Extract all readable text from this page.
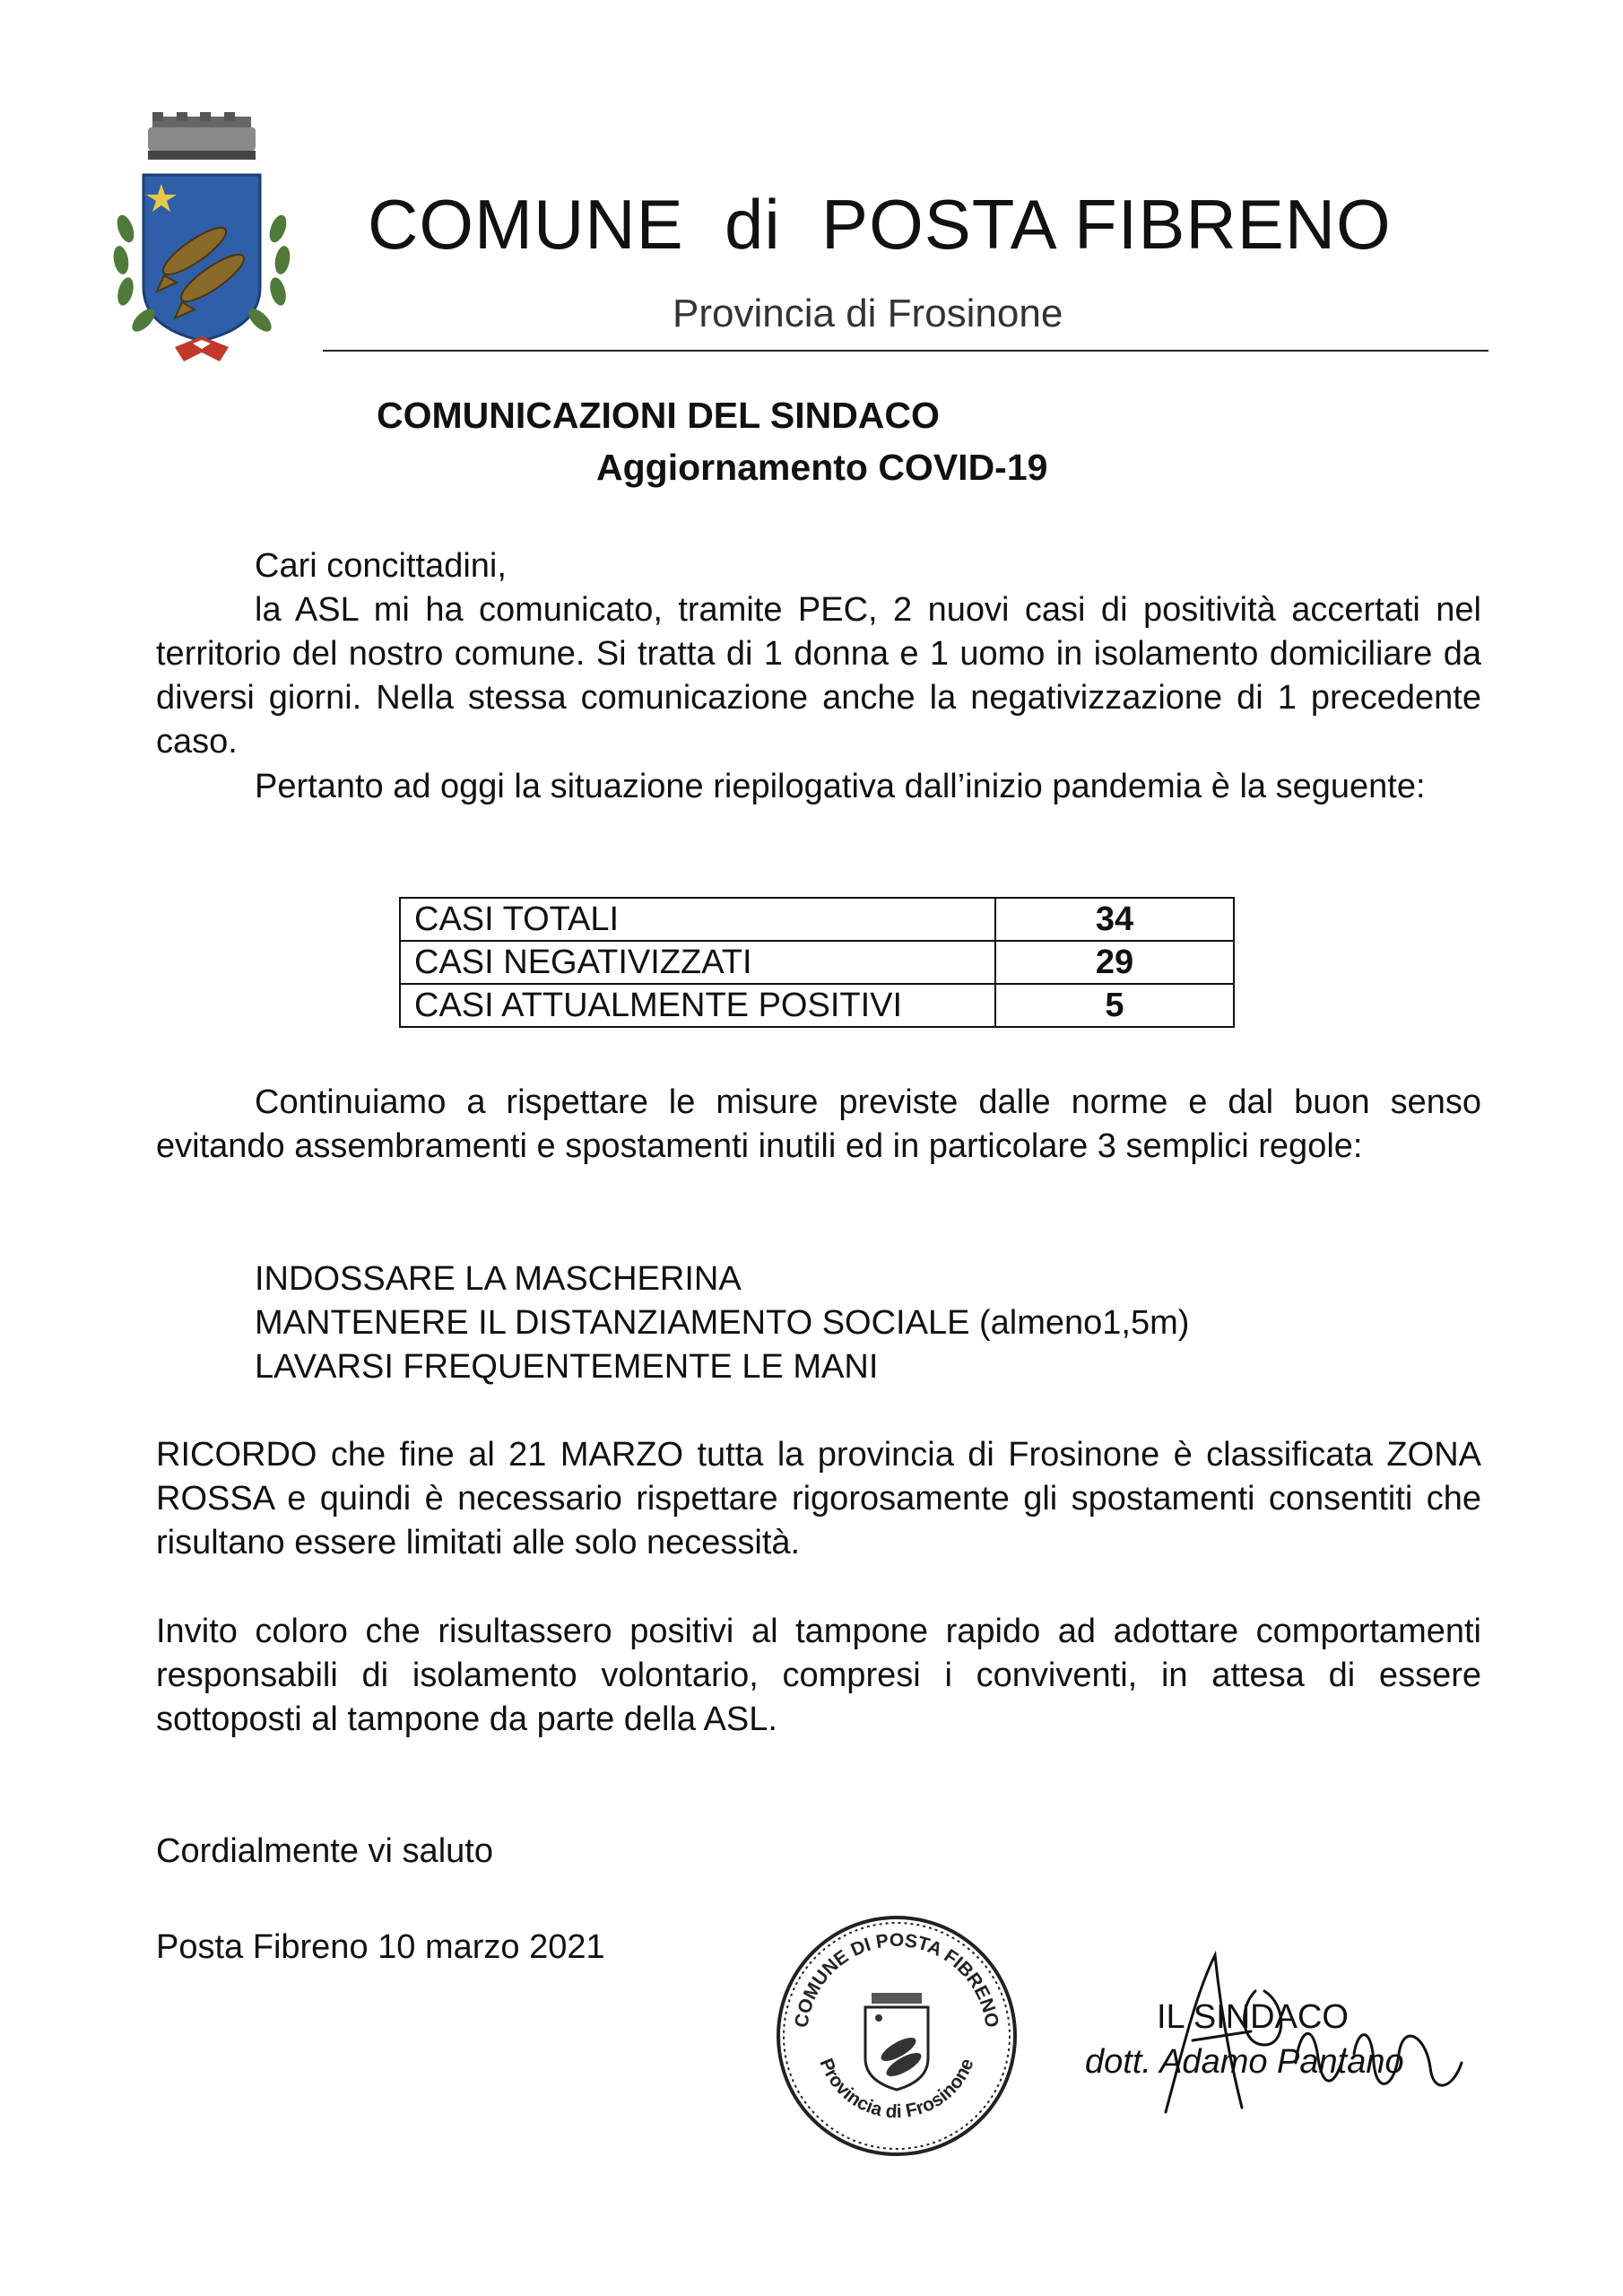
COMUNE  di  POSTA FIBRENO
Provincia di Frosinone
COMUNICAZIONI DEL SINDACO
Aggiornamento COVID-19
Cari concittadini,
la ASL mi ha comunicato, tramite PEC, 2 nuovi casi di positività accertati nel territorio del nostro comune. Si tratta di 1 donna e 1 uomo in isolamento domiciliare da diversi giorni. Nella stessa comunicazione anche la negativizzazione di 1 precedente caso.
Pertanto ad oggi la situazione riepilogativa dall’inizio pandemia è la seguente:
CASI TOTALI	34
CASI NEGATIVIZZATI	29
CASI ATTUALMENTE POSITIVI	5
Continuiamo a rispettare le misure previste dalle norme e dal buon senso evitando assembramenti e spostamenti inutili ed in particolare 3 semplici regole:
INDOSSARE LA MASCHERINA
MANTENERE IL DISTANZIAMENTO SOCIALE (almeno1,5m)
LAVARSI FREQUENTEMENTE LE MANI
RICORDO che fine al 21 MARZO tutta la provincia di Frosinone è classificata ZONA ROSSA e quindi è necessario rispettare rigorosamente gli spostamenti consentiti che risultano essere limitati alle solo necessità.
Invito coloro che risultassero positivi al tampone rapido ad adottare comportamenti responsabili di isolamento volontario, compresi i conviventi, in attesa di essere sottoposti al tampone da parte della ASL.
Cordialmente vi saluto
Posta Fibreno 10 marzo 2021
COMUNE DI POSTA FIBRENO
Provincia di Frosinone
IL SINDACO
dott. Adamo Pantano
